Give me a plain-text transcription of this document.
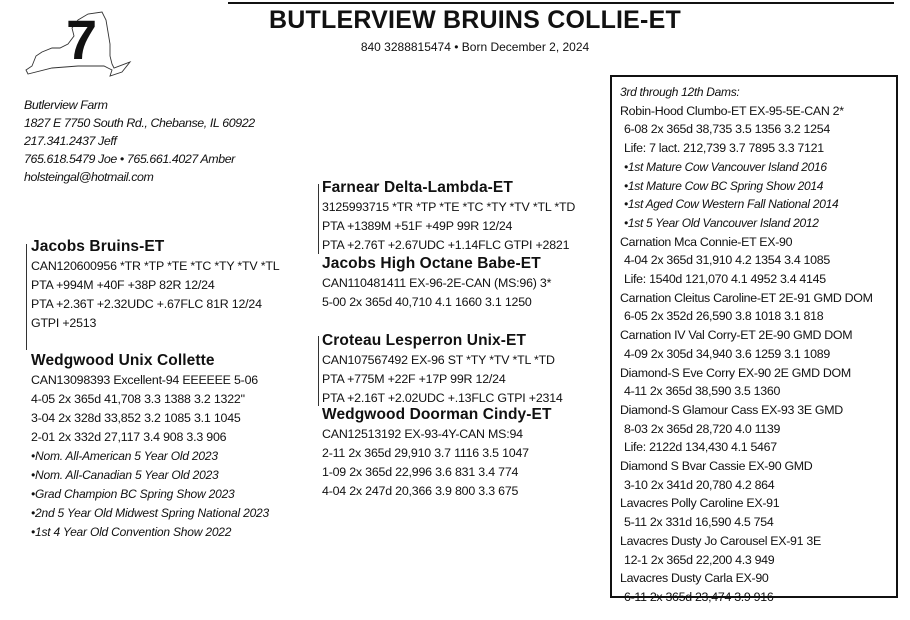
7	BUTLERVIEW BRUINS COLLIE-ET
840 3288815474 • Born December 2, 2024
Butlerview Farm
1827 E 7750 South Rd., Chebanse, IL 60922
217.341.2437 Jeff
765.618.5479 Joe • 765.661.4027 Amber
holsteingal@hotmail.com
Jacobs Bruins-ET
CAN120600956 *TR *TP *TE *TC *TY *TV *TL
PTA +994M +40F +38P 82R 12/24
PTA +2.36T +2.32UDC +.67FLC 81R 12/24
GTPI +2513
Wedgwood Unix Collette
CAN13098393 Excellent-94 EEEEEE 5-06
4-05 2x 365d 41,708 3.3 1388 3.2 1322"
3-04 2x 328d 33,852 3.2 1085 3.1 1045
2-01 2x 332d 27,117 3.4 908 3.3 906
•Nom. All-American 5 Year Old 2023
•Nom. All-Canadian 5 Year Old 2023
•Grad Champion BC Spring Show 2023
•2nd 5 Year Old Midwest Spring National 2023
•1st 4 Year Old Convention Show 2022
Farnear Delta-Lambda-ET
3125993715 *TR *TP *TE *TC *TY *TV *TL *TD
PTA +1389M +51F +49P 99R 12/24
PTA +2.76T +2.67UDC +1.14FLC GTPI +2821
Jacobs High Octane Babe-ET
CAN110481411 EX-96-2E-CAN (MS:96) 3*
5-00 2x 365d 40,710 4.1 1660 3.1 1250
Croteau Lesperron Unix-ET
CAN107567492 EX-96 ST *TY *TV *TL *TD
PTA +775M +22F +17P 99R 12/24
PTA +2.16T +2.02UDC +.13FLC GTPI +2314
Wedgwood Doorman Cindy-ET
CAN12513192 EX-93-4Y-CAN MS:94
2-11 2x 365d 29,910 3.7 1116 3.5 1047
1-09 2x 365d 22,996 3.6 831 3.4 774
4-04 2x 247d 20,366 3.9 800 3.3 675
3rd through 12th Dams:
Robin-Hood Clumbo-ET EX-95-5E-CAN 2*
6-08 2x 365d 38,735 3.5 1356 3.2 1254
Life: 7 lact. 212,739 3.7 7895 3.3 7121
•1st Mature Cow Vancouver Island 2016
•1st Mature Cow BC Spring Show 2014
•1st Aged Cow Western Fall National 2014
•1st 5 Year Old Vancouver Island 2012
Carnation Mca Connie-ET EX-90
4-04 2x 365d 31,910 4.2 1354 3.4 1085
Life: 1540d 121,070 4.1 4952 3.4 4145
Carnation Cleitus Caroline-ET 2E-91 GMD DOM
6-05 2x 352d 26,590 3.8 1018 3.1 818
Carnation IV Val Corry-ET 2E-90 GMD DOM
4-09 2x 305d 34,940 3.6 1259 3.1 1089
Diamond-S Eve Corry EX-90 2E GMD DOM
4-11 2x 365d 38,590 3.5 1360
Diamond-S Glamour Cass EX-93 3E GMD
8-03 2x 365d 28,720 4.0 1139
Life: 2122d 134,430 4.1 5467
Diamond S Bvar Cassie EX-90 GMD
3-10 2x 341d 20,780 4.2 864
Lavacres Polly Caroline EX-91
5-11 2x 331d 16,590 4.5 754
Lavacres Dusty Jo Carousel EX-91 3E
12-1 2x 365d 22,200 4.3 949
Lavacres Dusty Carla EX-90
6-11 2x 365d 23,474 3.9 916
